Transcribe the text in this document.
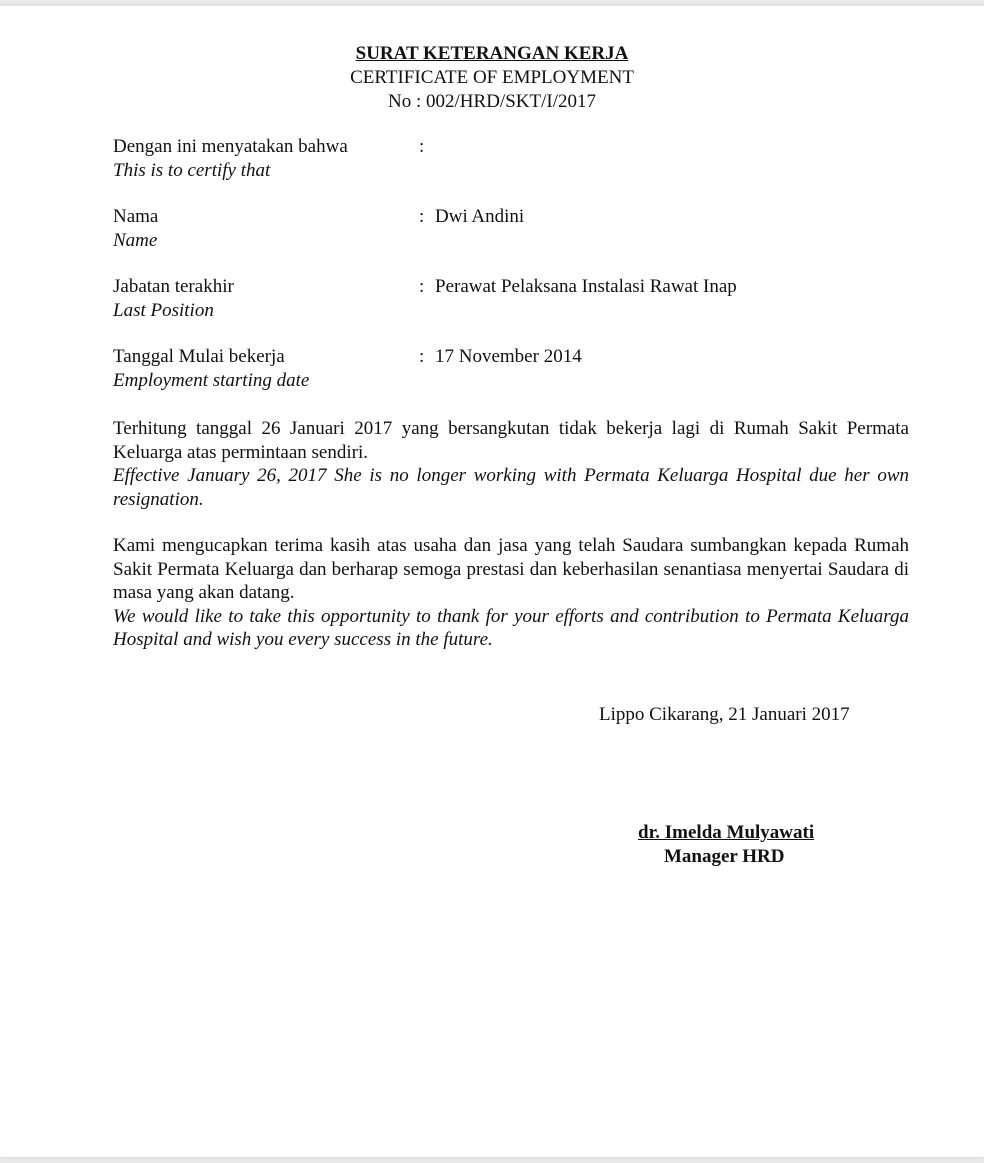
SURAT KETERANGAN KERJA
CERTIFICATE OF EMPLOYMENT
No : 002/HRD/SKT/I/2017
Dengan ini menyatakan bahwa
This is to certify that
:
Nama
Name
: Dwi Andini
Jabatan terakhir
Last Position
: Perawat Pelaksana Instalasi Rawat Inap
Tanggal Mulai bekerja
Employment starting date
: 17 November 2014

Terhitung tanggal 26 Januari 2017 yang bersangkutan tidak bekerja lagi di Rumah Sakit Permata Keluarga atas permintaan sendiri.

Effective January 26, 2017 She is no longer working with Permata Keluarga Hospital due her own resignation.

Kami mengucapkan terima kasih atas usaha dan jasa yang telah Saudara sumbangkan kepada Rumah Sakit Permata Keluarga dan berharap semoga prestasi dan keberhasilan senantiasa menyertai Saudara di masa yang akan datang.

We would like to take this opportunity to thank for your efforts and contribution to Permata Keluarga Hospital and wish you every success in the future.

Lippo Cikarang, 21 Januari 2017
dr. Imelda Mulyawati
Manager HRD
